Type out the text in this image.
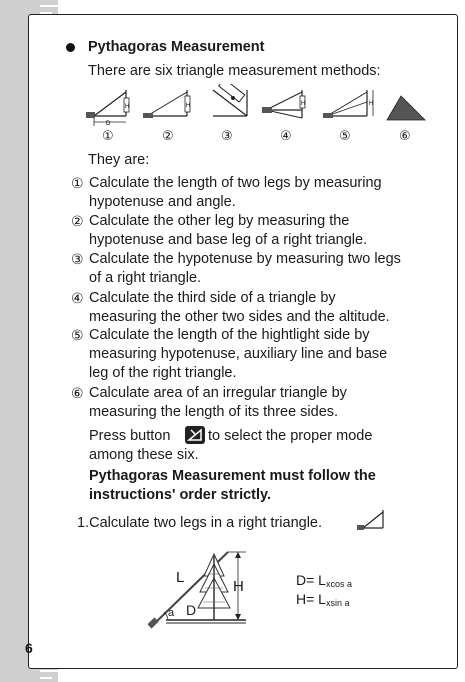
6
Pythagoras Measurement
There are six triangle measurement methods:
H
D
H	H	H
①	②	③	④	⑤	⑥
They are:
① Calculate the length of two legs by measuring
hypotenuse and angle.
② Calculate the other leg by measuring the
hypotenuse and base leg of a right triangle.
③ Calculate the hypotenuse by measuring two legs
of a right triangle.
④ Calculate the third side of a triangle by
measuring the other two sides and the altitude.
⑤ Calculate the length of the hightlight side by
measuring hypotenuse, auxiliary line and base
leg of the right triangle.
⑥ Calculate area of an irregular triangle by
measuring the length of its three sides.
Press button	to select the proper mode
among these six.
Pythagoras Measurement must follow the
instructions' order strictly.
1.Calculate two legs in a right triangle.
L
H
D
a
$D= L_{xcos a}$
$H= L_{xsin a}$
